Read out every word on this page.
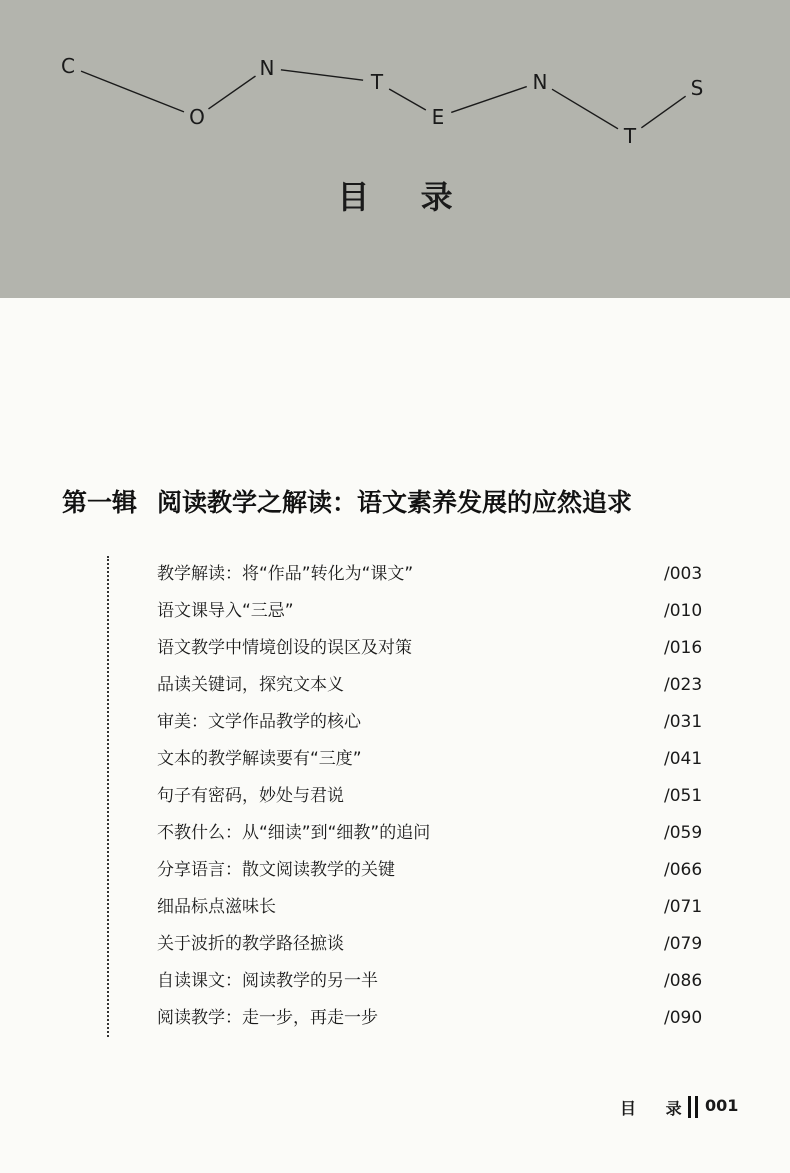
C
O
N
T
E
N
T
S
目 录
第一辑 阅读教学之解读：语文素养发展的应然追求
教学解读：将“作品”转化为“课文”	/003
语文课导入“三忌”	/010
语文教学中情境创设的误区及对策	/016
品读关键词，探究文本义	/023
审美：文学作品教学的核心	/031
文本的教学解读要有“三度”	/041
句子有密码，妙处与君说	/051
不教什么：从“细读”到“细教”的追问	/059
分享语言：散文阅读教学的关键	/066
细品标点滋味长	/071
关于波折的教学路径摭谈	/079
自读课文：阅读教学的另一半	/086
阅读教学：走一步，再走一步	/090
目 录 001
